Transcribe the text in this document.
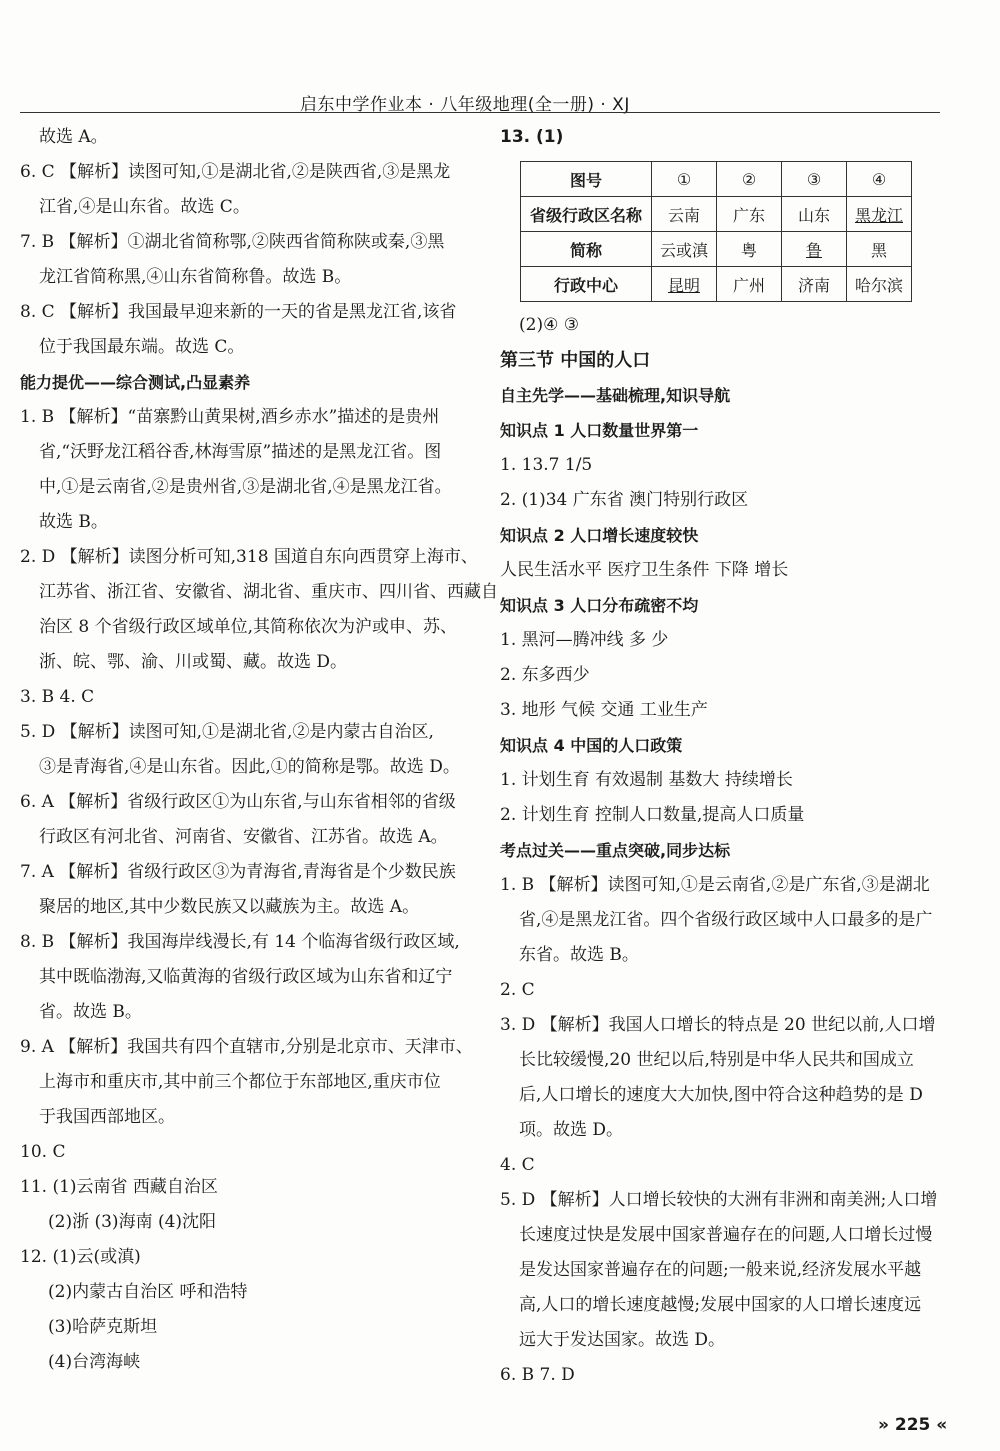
启东中学作业本 · 八年级地理(全一册) · XJ
故选 A。
6. C 【解析】读图可知,①是湖北省,②是陕西省,③是黑龙
江省,④是山东省。故选 C。
7. B 【解析】①湖北省简称鄂,②陕西省简称陕或秦,③黑
龙江省简称黑,④山东省简称鲁。故选 B。
8. C 【解析】我国最早迎来新的一天的省是黑龙江省,该省
位于我国最东端。故选 C。
能力提优——综合测试,凸显素养
1. B 【解析】“苗寨黔山黄果树,酒乡赤水”描述的是贵州
省,“沃野龙江稻谷香,林海雪原”描述的是黑龙江省。图
中,①是云南省,②是贵州省,③是湖北省,④是黑龙江省。
故选 B。
2. D 【解析】读图分析可知,318 国道自东向西贯穿上海市、
江苏省、浙江省、安徽省、湖北省、重庆市、四川省、西藏自
治区 8 个省级行政区域单位,其简称依次为沪或申、苏、
浙、皖、鄂、渝、川或蜀、藏。故选 D。
3. B 4. C
5. D 【解析】读图可知,①是湖北省,②是内蒙古自治区,
③是青海省,④是山东省。因此,①的简称是鄂。故选 D。
6. A 【解析】省级行政区①为山东省,与山东省相邻的省级
行政区有河北省、河南省、安徽省、江苏省。故选 A。
7. A 【解析】省级行政区③为青海省,青海省是个少数民族
聚居的地区,其中少数民族又以藏族为主。故选 A。
8. B 【解析】我国海岸线漫长,有 14 个临海省级行政区域,
其中既临渤海,又临黄海的省级行政区域为山东省和辽宁
省。故选 B。
9. A 【解析】我国共有四个直辖市,分别是北京市、天津市、
上海市和重庆市,其中前三个都位于东部地区,重庆市位
于我国西部地区。
10. C
11. (1)云南省 西藏自治区
(2)浙 (3)海南 (4)沈阳
12. (1)云(或滇)
(2)内蒙古自治区 呼和浩特
(3)哈萨克斯坦
(4)台湾海峡
13. (1)
图号	①	②	③	④
省级行政区名称	云南	广东	山东	黑龙江
简称	云或滇	粤	鲁	黑
行政中心	昆明	广州	济南	哈尔滨
(2)④ ③
第三节 中国的人口
自主先学——基础梳理,知识导航
知识点 1 人口数量世界第一
1. 13.7 1/5
2. (1)34 广东省 澳门特别行政区
知识点 2 人口增长速度较快
人民生活水平 医疗卫生条件 下降 增长
知识点 3 人口分布疏密不均
1. 黑河—腾冲线 多 少
2. 东多西少
3. 地形 气候 交通 工业生产
知识点 4 中国的人口政策
1. 计划生育 有效遏制 基数大 持续增长
2. 计划生育 控制人口数量,提高人口质量
考点过关——重点突破,同步达标
1. B 【解析】读图可知,①是云南省,②是广东省,③是湖北
省,④是黑龙江省。四个省级行政区域中人口最多的是广
东省。故选 B。
2. C
3. D 【解析】我国人口增长的特点是 20 世纪以前,人口增
长比较缓慢,20 世纪以后,特别是中华人民共和国成立
后,人口增长的速度大大加快,图中符合这种趋势的是 D
项。故选 D。
4. C
5. D 【解析】人口增长较快的大洲有非洲和南美洲;人口增
长速度过快是发展中国家普遍存在的问题,人口增长过慢
是发达国家普遍存在的问题;一般来说,经济发展水平越
高,人口的增长速度越慢;发展中国家的人口增长速度远
远大于发达国家。故选 D。
6. B 7. D
» 225 «
